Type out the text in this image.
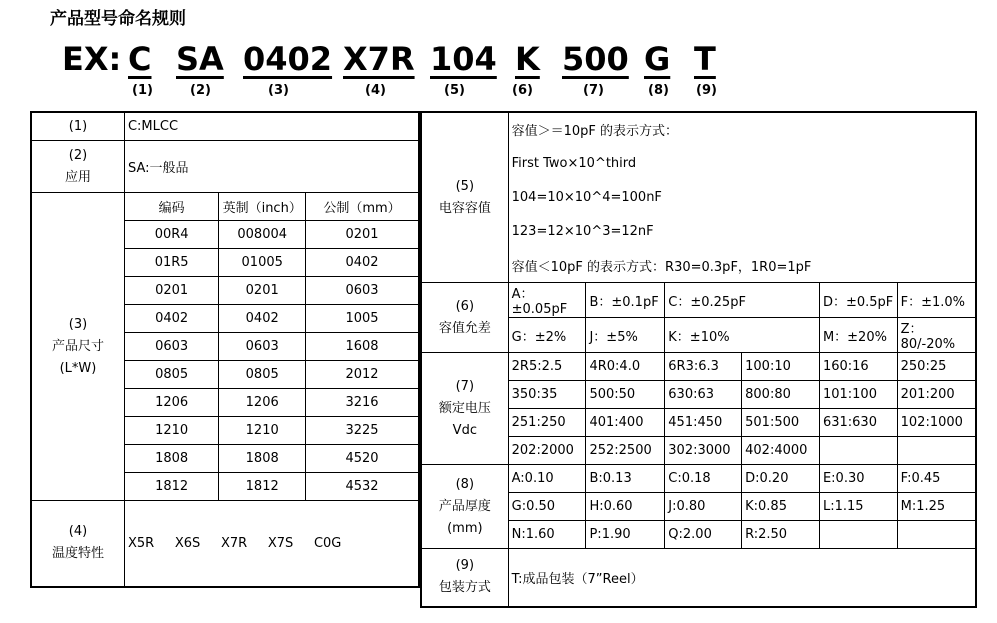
产品型号命名规则
EX: C SA 0402 X7R 104 K 500 G T
(1)	(2)	(3)	(4)	(5)	(6)	(7)	(8) (9)
(1)	C:MLCC		
(2)
应用	SA:一般品		
(3)
产品尺寸
(L*W)	编码	英制（inch）	公制（mm）
	00R4	008004	0201
	01R5	01005	0402
	0201	0201	0603
	0402	0402	1005
	0603	0603	1608
	0805	0805	2012
	1206	1206	3216
	1210	1210	3225
	1808	1808	4520
	1812	1812	4532
(4)
温度特性	X5R X6S X7R X7S C0G		
(5)
电容容值	容值＞＝10pF 的表示方式：					
	First Two×10^third					
	104=10×10^4=100nF					
	123=12×10^3=12nF					
	容值＜10pF 的表示方式：R30=0.3pF，1R0=1pF					
(6)
容值允差	A：±0.05pF	B：±0.1pF	C：±0.25pF		D：±0.5pF	F：±1.0%
	G：±2%	J：±5%	K：±10%		M：±20%	Z：80/-20%
(7)
额定电压
Vdc	2R5:2.5	4R0:4.0	6R3:6.3	100:10	160:16	250:25
	350:35	500:50	630:63	800:80	101:100	201:200
	251:250	401:400	451:450	501:500	631:630	102:1000
	202:2000	252:2500	302:3000	402:4000		
(8)
产品厚度
(mm)	A:0.10	B:0.13	C:0.18	D:0.20	E:0.30	F:0.45
	G:0.50	H:0.60	J:0.80	K:0.85	L:1.15	M:1.25
	N:1.60	P:1.90	Q:2.00	R:2.50		
(9)
包装方式	T:成品包装（7”Reel）					
